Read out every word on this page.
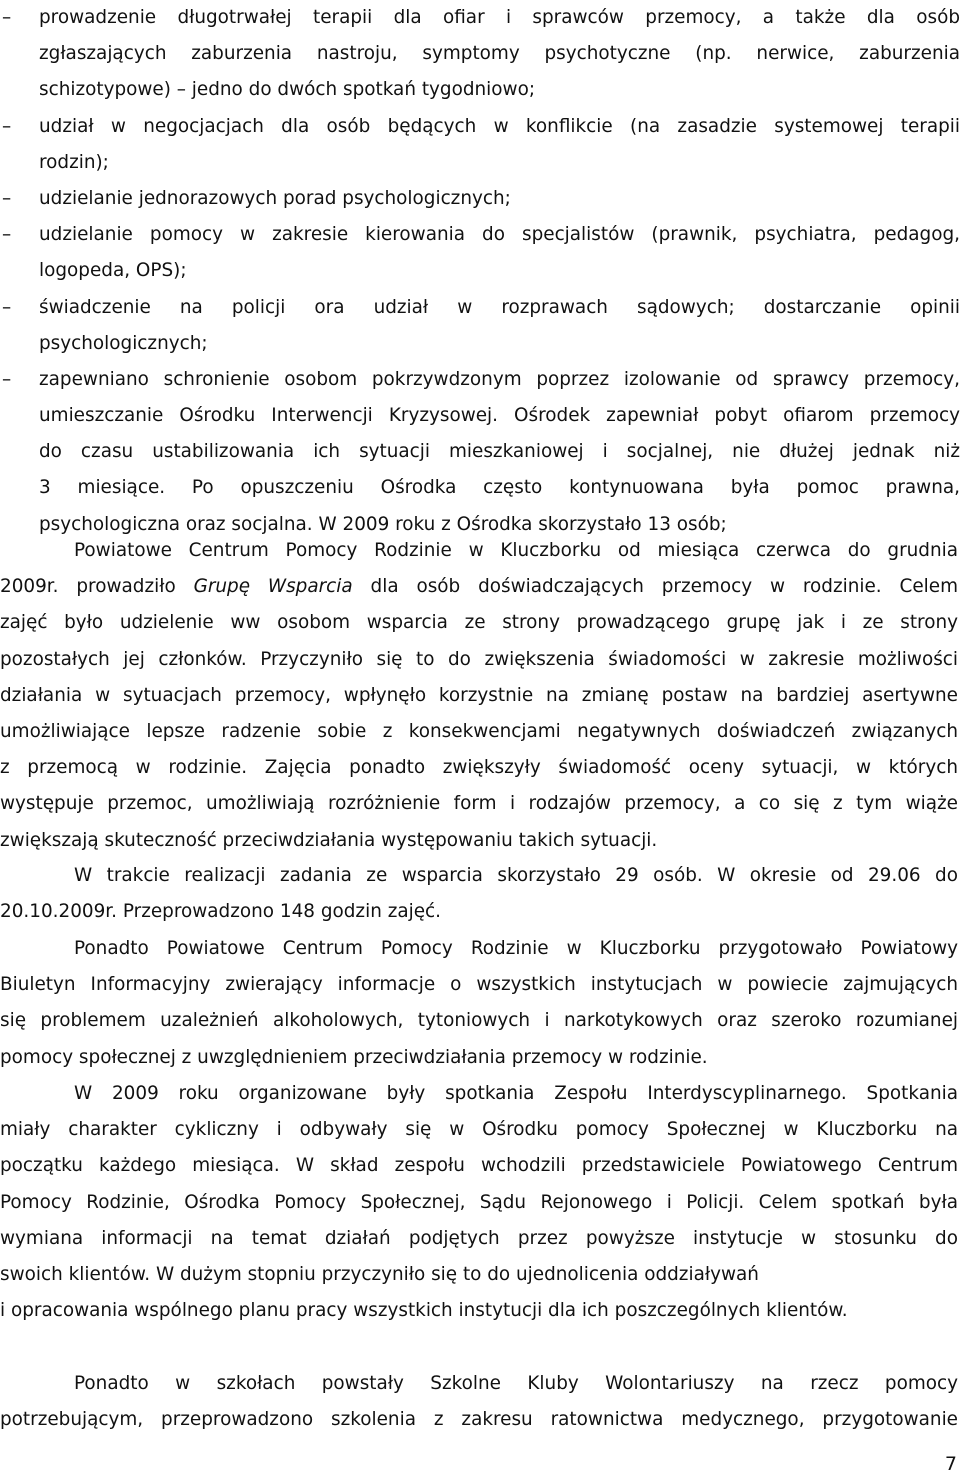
–	prowadzenie długotrwałej terapii dla ofiar i sprawców przemocy, a także dla osób
zgłaszających zaburzenia nastroju, symptomy psychotyczne (np. nerwice, zaburzenia
schizotypowe) – jedno do dwóch spotkań tygodniowo;
–	udział w negocjacjach dla osób będących w konflikcie (na zasadzie systemowej terapii
rodzin);
–	udzielanie jednorazowych porad psychologicznych;
–	udzielanie pomocy w zakresie kierowania do specjalistów (prawnik, psychiatra, pedagog,
logopeda, OPS);
–	świadczenie na policji ora udział w rozprawach sądowych; dostarczanie opinii
psychologicznych;
–	zapewniano schronienie osobom pokrzywdzonym poprzez izolowanie od sprawcy przemocy,
umieszczanie Ośrodku Interwencji Kryzysowej. Ośrodek zapewniał pobyt ofiarom przemocy
do czasu ustabilizowania ich sytuacji mieszkaniowej i socjalnej, nie dłużej jednak niż
3 miesiące. Po opuszczeniu Ośrodka często kontynuowana była pomoc prawna,
psychologiczna oraz socjalna. W 2009 roku z Ośrodka skorzystało 13 osób;
Powiatowe Centrum Pomocy Rodzinie w Kluczborku od miesiąca czerwca do grudnia
2009r. prowadziło Grupę Wsparcia dla osób doświadczających przemocy w rodzinie. Celem
zajęć było udzielenie ww osobom wsparcia ze strony prowadzącego grupę jak i ze strony
pozostałych jej członków. Przyczyniło się to do zwiększenia świadomości w zakresie możliwości
działania w sytuacjach przemocy, wpłynęło korzystnie na zmianę postaw na bardziej asertywne
umożliwiające lepsze radzenie sobie z konsekwencjami negatywnych doświadczeń związanych
z przemocą w rodzinie. Zajęcia ponadto zwiększyły świadomość oceny sytuacji, w których
występuje przemoc, umożliwiają rozróżnienie form i rodzajów przemocy, a co się z tym wiąże
zwiększają skuteczność przeciwdziałania występowaniu takich sytuacji.
W trakcie realizacji zadania ze wsparcia skorzystało 29 osób. W okresie od 29.06 do
20.10.2009r. Przeprowadzono 148 godzin zajęć.
Ponadto Powiatowe Centrum Pomocy Rodzinie w Kluczborku przygotowało Powiatowy
Biuletyn Informacyjny zwierający informacje o wszystkich instytucjach w powiecie zajmujących
się problemem uzależnień alkoholowych, tytoniowych i narkotykowych oraz szeroko rozumianej
pomocy społecznej z uwzględnieniem przeciwdziałania przemocy w rodzinie.
W 2009 roku organizowane były spotkania Zespołu Interdyscyplinarnego. Spotkania
miały charakter cykliczny i odbywały się w Ośrodku pomocy Społecznej w Kluczborku na
początku każdego miesiąca. W skład zespołu wchodzili przedstawiciele Powiatowego Centrum
Pomocy Rodzinie, Ośrodka Pomocy Społecznej, Sądu Rejonowego i Policji. Celem spotkań była
wymiana informacji na temat działań podjętych przez powyższe instytucje w stosunku do
swoich klientów. W dużym stopniu przyczyniło się to do ujednolicenia oddziaływań
i opracowania wspólnego planu pracy wszystkich instytucji dla ich poszczególnych klientów.
Ponadto w szkołach powstały Szkolne Kluby Wolontariuszy na rzecz pomocy
potrzebującym, przeprowadzono szkolenia z zakresu ratownictwa medycznego, przygotowanie
7
